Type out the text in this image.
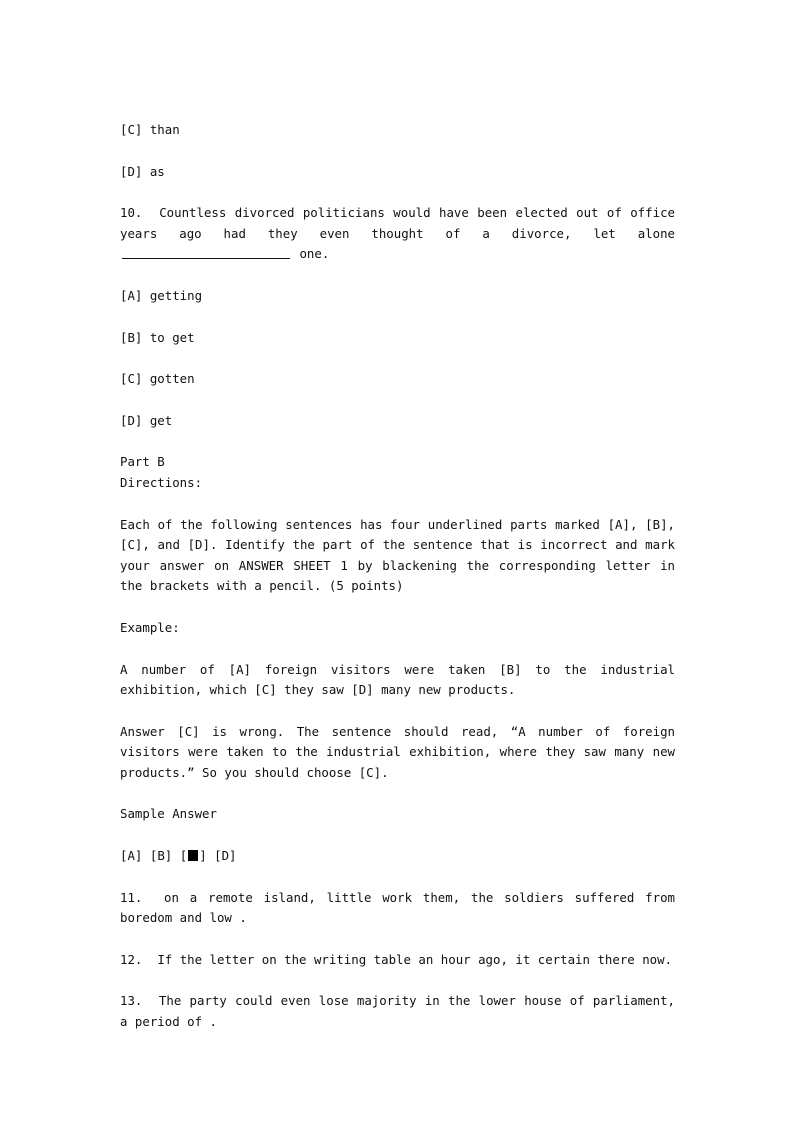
[C] than

[D] as

10. Countless divorced politicians would have been elected out of office years ago had they even thought of a divorce, let alone  one.

[A] getting

[B] to get

[C] gotten

[D] get

Part B

Directions:

Each of the following sentences has four underlined parts marked [A], [B], [C], and [D]. Identify the part of the sentence that is incorrect and mark your answer on ANSWER SHEET 1 by blackening the corresponding letter in the brackets with a pencil. (5 points)

Example:

A number of [A] foreign visitors were taken [B] to the industrial exhibition, which [C] they saw [D] many new products.

Answer [C] is wrong. The sentence should read, “A number of foreign visitors were taken to the industrial exhibition, where they saw many new products.” So you should choose [C].

Sample Answer

[A] [B] [ ] [D]

11. on a remote island, little work them, the soldiers suffered from boredom and low .

12. If the letter on the writing table an hour ago, it certain there now.

13. The party could even lose majority in the lower house of parliament, a period of .
